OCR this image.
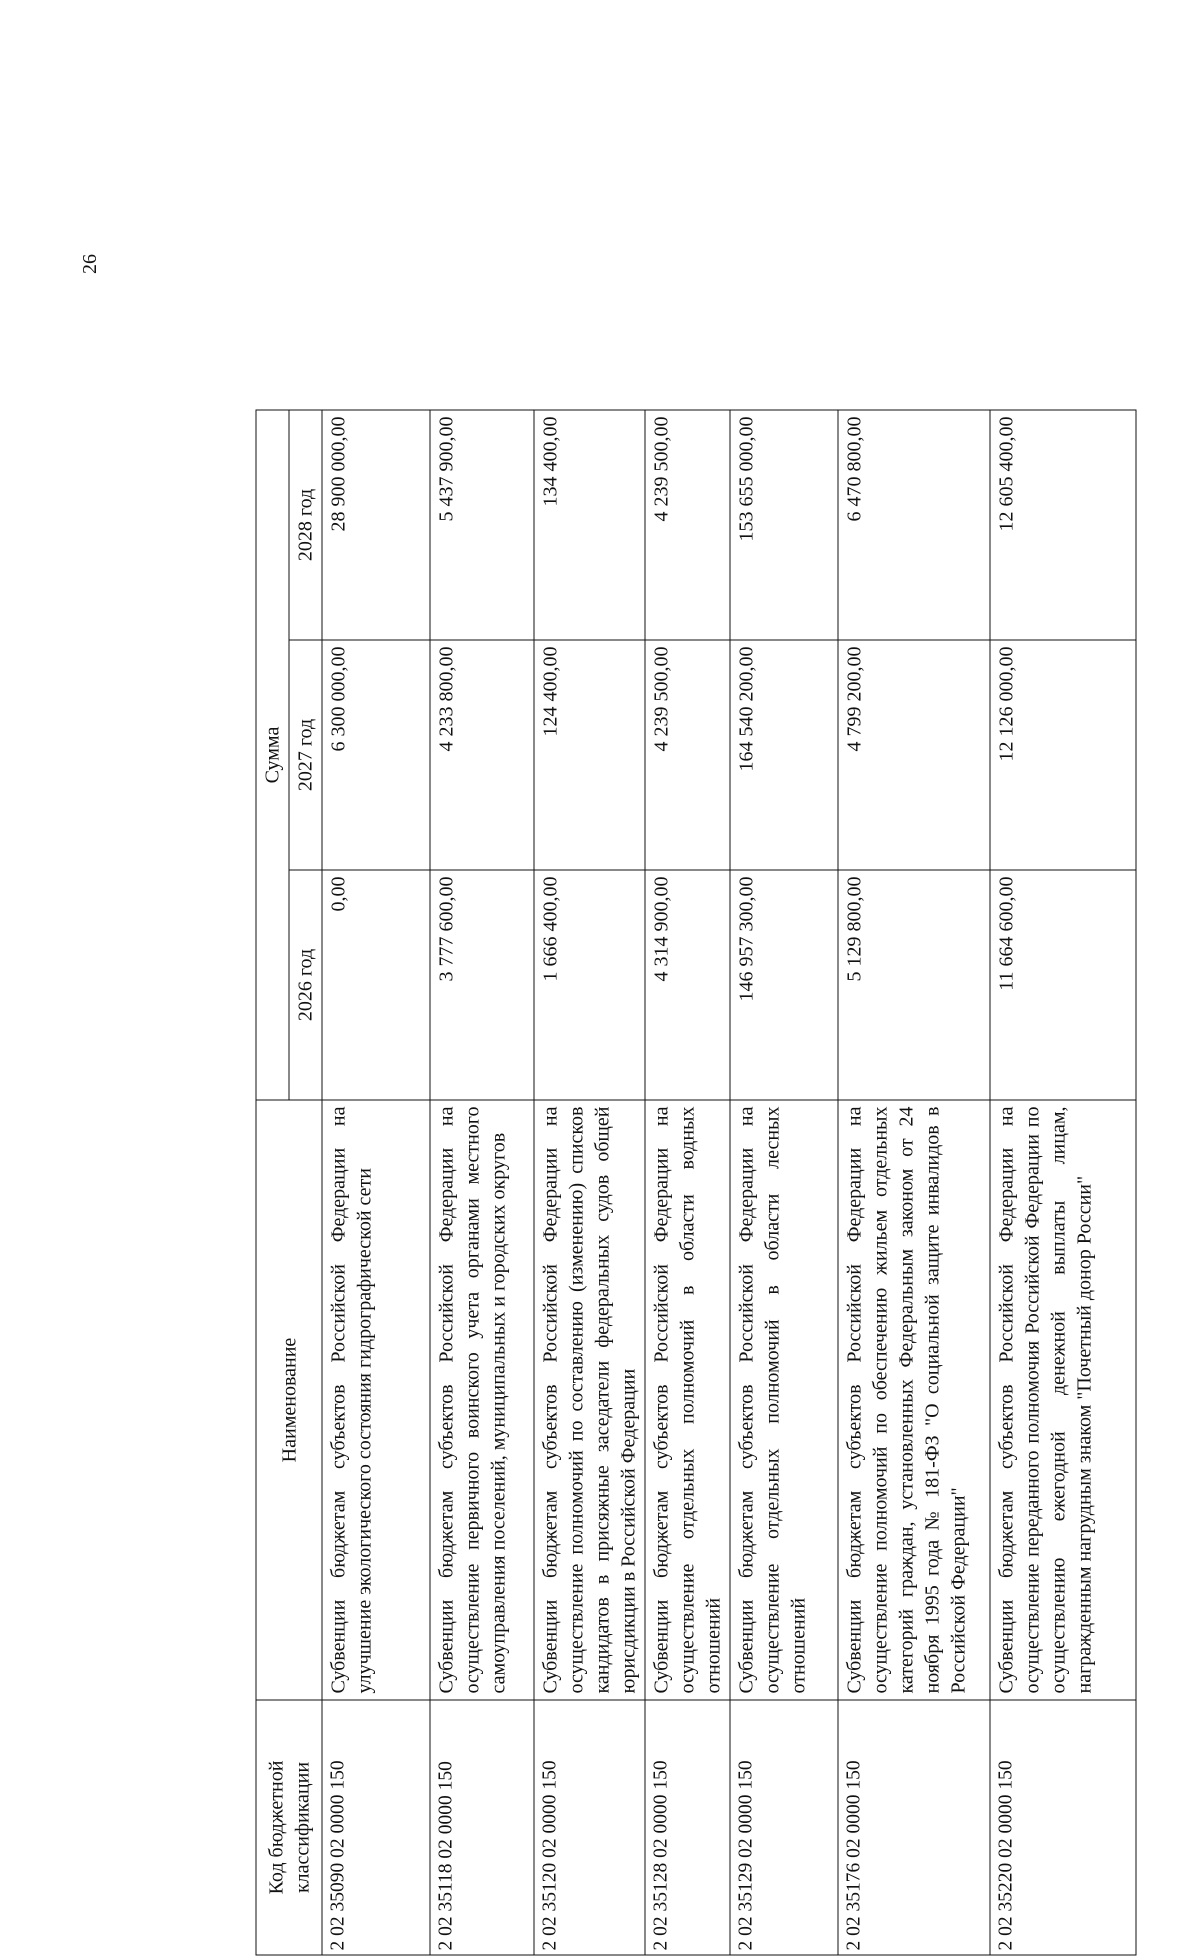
26
Код бюджетной классификации	Наименование	Сумма		
		2026 год	2027 год	2028 год
2 02 35090 02 0000 150	Субвенции бюджетам субъектов Российской Федерации на улучшение экологического состояния гидрографической сети	0,00	6 300 000,00	28 900 000,00
2 02 35118 02 0000 150	Субвенции бюджетам субъектов Российской Федерации на осуществление первичного воинского учета органами местного самоуправления поселений, муниципальных и городских округов	3 777 600,00	4 233 800,00	5 437 900,00
2 02 35120 02 0000 150	Субвенции бюджетам субъектов Российской Федерации на осуществление полномочий по составлению (изменению) списков кандидатов в присяжные заседатели федеральных судов общей юрисдикции в Российской Федерации	1 666 400,00	124 400,00	134 400,00
2 02 35128 02 0000 150	Субвенции бюджетам субъектов Российской Федерации на осуществление отдельных полномочий в области водных отношений	4 314 900,00	4 239 500,00	4 239 500,00
2 02 35129 02 0000 150	Субвенции бюджетам субъектов Российской Федерации на осуществление отдельных полномочий в области лесных отношений	146 957 300,00	164 540 200,00	153 655 000,00
2 02 35176 02 0000 150	Субвенции бюджетам субъектов Российской Федерации на осуществление полномочий по обеспечению жильем отдельных категорий граждан, установленных Федеральным законом от 24 ноября 1995 года № 181-ФЗ "О социальной защите инвалидов в Российской Федерации"	5 129 800,00	4 799 200,00	6 470 800,00
2 02 35220 02 0000 150	Субвенции бюджетам субъектов Российской Федерации на осуществление переданного полномочия Российской Федерации по осуществлению ежегодной денежной выплаты лицам, награжденным нагрудным знаком "Почетный донор России"	11 664 600,00	12 126 000,00	12 605 400,00
